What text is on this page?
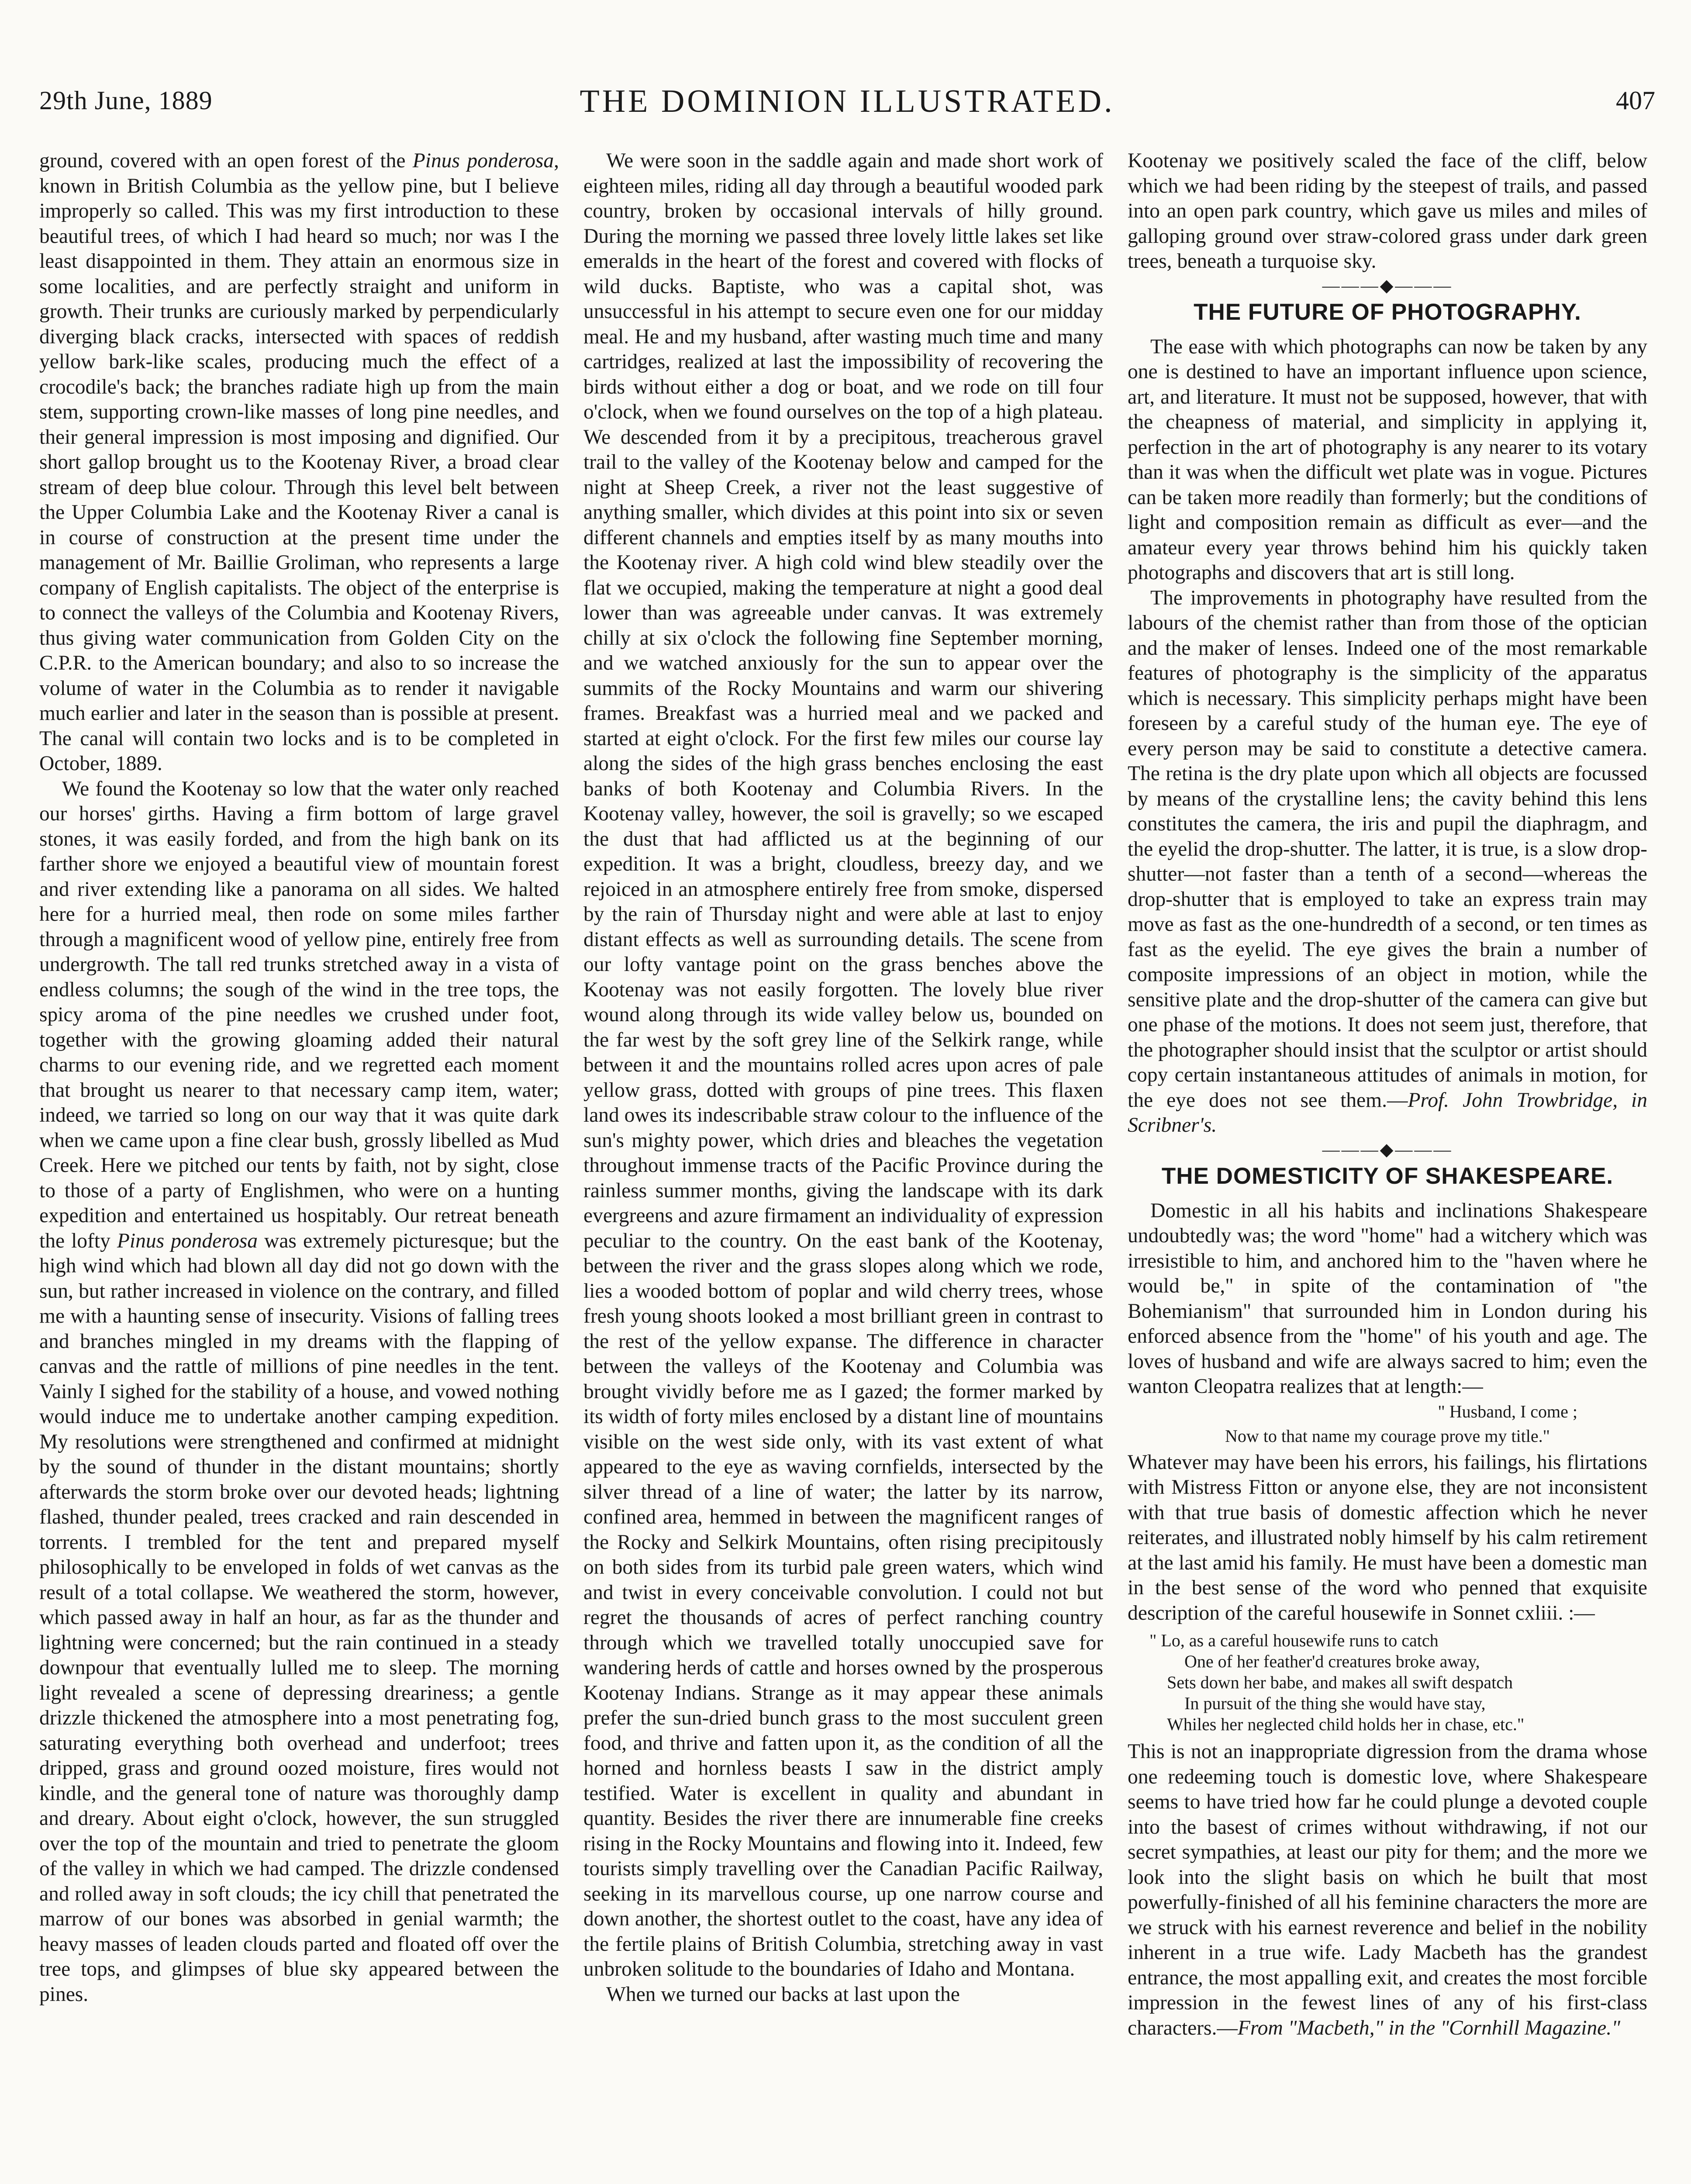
29th June, 1889	THE DOMINION ILLUSTRATED.	407

ground, covered with an open forest of the Pinus ponderosa, known in British Columbia as the yellow pine, but I believe improperly so called. This was my first introduction to these beautiful trees, of which I had heard so much; nor was I the least disappointed in them. They attain an enormous size in some localities, and are perfectly straight and uniform in growth. Their trunks are curiously marked by perpendicularly diverging black cracks, intersected with spaces of reddish yellow bark-like scales, producing much the effect of a crocodile's back; the branches radiate high up from the main stem, supporting crown-like masses of long pine needles, and their general impression is most imposing and dignified. Our short gallop brought us to the Kootenay River, a broad clear stream of deep blue colour. Through this level belt between the Upper Columbia Lake and the Kootenay River a canal is in course of construction at the present time under the management of Mr. Baillie Groliman, who represents a large company of English capitalists. The object of the enterprise is to connect the valleys of the Columbia and Kootenay Rivers, thus giving water communication from Golden City on the C.P.R. to the American boundary; and also to so increase the volume of water in the Columbia as to render it navigable much earlier and later in the season than is possible at present. The canal will contain two locks and is to be completed in October, 1889.

We found the Kootenay so low that the water only reached our horses' girths. Having a firm bottom of large gravel stones, it was easily forded, and from the high bank on its farther shore we enjoyed a beautiful view of mountain forest and river extending like a panorama on all sides. We halted here for a hurried meal, then rode on some miles farther through a magnificent wood of yellow pine, entirely free from undergrowth. The tall red trunks stretched away in a vista of endless columns; the sough of the wind in the tree tops, the spicy aroma of the pine needles we crushed under foot, together with the growing gloaming added their natural charms to our evening ride, and we regretted each moment that brought us nearer to that necessary camp item, water; indeed, we tarried so long on our way that it was quite dark when we came upon a fine clear bush, grossly libelled as Mud Creek. Here we pitched our tents by faith, not by sight, close to those of a party of Englishmen, who were on a hunting expedition and entertained us hospitably. Our retreat beneath the lofty Pinus ponderosa was extremely picturesque; but the high wind which had blown all day did not go down with the sun, but rather increased in violence on the contrary, and filled me with a haunting sense of insecurity. Visions of falling trees and branches mingled in my dreams with the flapping of canvas and the rattle of millions of pine needles in the tent. Vainly I sighed for the stability of a house, and vowed nothing would induce me to undertake another camping expedition. My resolutions were strengthened and confirmed at midnight by the sound of thunder in the distant mountains; shortly afterwards the storm broke over our devoted heads; lightning flashed, thunder pealed, trees cracked and rain descended in torrents. I trembled for the tent and prepared myself philosophically to be enveloped in folds of wet canvas as the result of a total collapse. We weathered the storm, however, which passed away in half an hour, as far as the thunder and lightning were concerned; but the rain continued in a steady downpour that eventually lulled me to sleep. The morning light revealed a scene of depressing dreariness; a gentle drizzle thickened the atmosphere into a most penetrating fog, saturating everything both overhead and underfoot; trees dripped, grass and ground oozed moisture, fires would not kindle, and the general tone of nature was thoroughly damp and dreary. About eight o'clock, however, the sun struggled over the top of the mountain and tried to penetrate the gloom of the valley in which we had camped. The drizzle condensed and rolled away in soft clouds; the icy chill that penetrated the marrow of our bones was absorbed in genial warmth; the heavy masses of leaden clouds parted and floated off over the tree tops, and glimpses of blue sky appeared between the pines.

We were soon in the saddle again and made short work of eighteen miles, riding all day through a beautiful wooded park country, broken by occasional intervals of hilly ground. During the morning we passed three lovely little lakes set like emeralds in the heart of the forest and covered with flocks of wild ducks. Baptiste, who was a capital shot, was unsuccessful in his attempt to secure even one for our midday meal. He and my husband, after wasting much time and many cartridges, realized at last the impossibility of recovering the birds without either a dog or boat, and we rode on till four o'clock, when we found ourselves on the top of a high plateau. We descended from it by a precipitous, treacherous gravel trail to the valley of the Kootenay below and camped for the night at Sheep Creek, a river not the least suggestive of anything smaller, which divides at this point into six or seven different channels and empties itself by as many mouths into the Kootenay river. A high cold wind blew steadily over the flat we occupied, making the temperature at night a good deal lower than was agreeable under canvas. It was extremely chilly at six o'clock the following fine September morning, and we watched anxiously for the sun to appear over the summits of the Rocky Mountains and warm our shivering frames. Breakfast was a hurried meal and we packed and started at eight o'clock. For the first few miles our course lay along the sides of the high grass benches enclosing the east banks of both Kootenay and Columbia Rivers. In the Kootenay valley, however, the soil is gravelly; so we escaped the dust that had afflicted us at the beginning of our expedition. It was a bright, cloudless, breezy day, and we rejoiced in an atmosphere entirely free from smoke, dispersed by the rain of Thursday night and were able at last to enjoy distant effects as well as surrounding details. The scene from our lofty vantage point on the grass benches above the Kootenay was not easily forgotten. The lovely blue river wound along through its wide valley below us, bounded on the far west by the soft grey line of the Selkirk range, while between it and the mountains rolled acres upon acres of pale yellow grass, dotted with groups of pine trees. This flaxen land owes its indescribable straw colour to the influence of the sun's mighty power, which dries and bleaches the vegetation throughout immense tracts of the Pacific Province during the rainless summer months, giving the landscape with its dark evergreens and azure firmament an individuality of expression peculiar to the country. On the east bank of the Kootenay, between the river and the grass slopes along which we rode, lies a wooded bottom of poplar and wild cherry trees, whose fresh young shoots looked a most brilliant green in contrast to the rest of the yellow expanse. The difference in character between the valleys of the Kootenay and Columbia was brought vividly before me as I gazed; the former marked by its width of forty miles enclosed by a distant line of mountains visible on the west side only, with its vast extent of what appeared to the eye as waving cornfields, intersected by the silver thread of a line of water; the latter by its narrow, confined area, hemmed in between the magnificent ranges of the Rocky and Selkirk Mountains, often rising precipitously on both sides from its turbid pale green waters, which wind and twist in every conceivable convolution. I could not but regret the thousands of acres of perfect ranching country through which we travelled totally unoccupied save for wandering herds of cattle and horses owned by the prosperous Kootenay Indians. Strange as it may appear these animals prefer the sun-dried bunch grass to the most succulent green food, and thrive and fatten upon it, as the condition of all the horned and hornless beasts I saw in the district amply testified. Water is excellent in quality and abundant in quantity. Besides the river there are innumerable fine creeks rising in the Rocky Mountains and flowing into it. Indeed, few tourists simply travelling over the Canadian Pacific Railway, seeking in its marvellous course, up one narrow course and down another, the shortest outlet to the coast, have any idea of the fertile plains of British Columbia, stretching away in vast unbroken solitude to the boundaries of Idaho and Montana.

When we turned our backs at last upon the

Kootenay we positively scaled the face of the cliff, below which we had been riding by the steepest of trails, and passed into an open park country, which gave us miles and miles of galloping ground over straw-colored grass under dark green trees, beneath a turquoise sky.

———◆———
THE FUTURE OF PHOTOGRAPHY.

The ease with which photographs can now be taken by any one is destined to have an important influence upon science, art, and literature. It must not be supposed, however, that with the cheapness of material, and simplicity in applying it, perfection in the art of photography is any nearer to its votary than it was when the difficult wet plate was in vogue. Pictures can be taken more readily than formerly; but the conditions of light and composition remain as difficult as ever—and the amateur every year throws behind him his quickly taken photographs and discovers that art is still long.

The improvements in photography have resulted from the labours of the chemist rather than from those of the optician and the maker of lenses. Indeed one of the most remarkable features of photography is the simplicity of the apparatus which is necessary. This simplicity perhaps might have been foreseen by a careful study of the human eye. The eye of every person may be said to constitute a detective camera. The retina is the dry plate upon which all objects are focussed by means of the crystalline lens; the cavity behind this lens constitutes the camera, the iris and pupil the diaphragm, and the eyelid the drop-shutter. The latter, it is true, is a slow drop-shutter—not faster than a tenth of a second—whereas the drop-shutter that is employed to take an express train may move as fast as the one-hundredth of a second, or ten times as fast as the eyelid. The eye gives the brain a number of composite impressions of an object in motion, while the sensitive plate and the drop-shutter of the camera can give but one phase of the motions. It does not seem just, therefore, that the photographer should insist that the sculptor or artist should copy certain instantaneous attitudes of animals in motion, for the eye does not see them.—Prof. John Trowbridge, in Scribner's.

———◆———
THE DOMESTICITY OF SHAKESPEARE.

Domestic in all his habits and inclinations Shakespeare undoubtedly was; the word "home" had a witchery which was irresistible to him, and anchored him to the "haven where he would be," in spite of the contamination of "the Bohemianism" that surrounded him in London during his enforced absence from the "home" of his youth and age. The loves of husband and wife are always sacred to him; even the wanton Cleopatra realizes that at length:—

" Husband, I come ;
Now to that name my courage prove my title."

Whatever may have been his errors, his failings, his flirtations with Mistress Fitton or anyone else, they are not inconsistent with that true basis of domestic affection which he never reiterates, and illustrated nobly himself by his calm retirement at the last amid his family. He must have been a domestic man in the best sense of the word who penned that exquisite description of the careful housewife in Sonnet cxliii. :—

" Lo, as a careful housewife runs to catch
One of her feather'd creatures broke away,
Sets down her babe, and makes all swift despatch
In pursuit of the thing she would have stay,
Whiles her neglected child holds her in chase, etc."

This is not an inappropriate digression from the drama whose one redeeming touch is domestic love, where Shakespeare seems to have tried how far he could plunge a devoted couple into the basest of crimes without withdrawing, if not our secret sympathies, at least our pity for them; and the more we look into the slight basis on which he built that most powerfully-finished of all his feminine characters the more are we struck with his earnest reverence and belief in the nobility inherent in a true wife. Lady Macbeth has the grandest entrance, the most appalling exit, and creates the most forcible impression in the fewest lines of any of his first-class characters.—From "Macbeth," in the "Cornhill Magazine."
